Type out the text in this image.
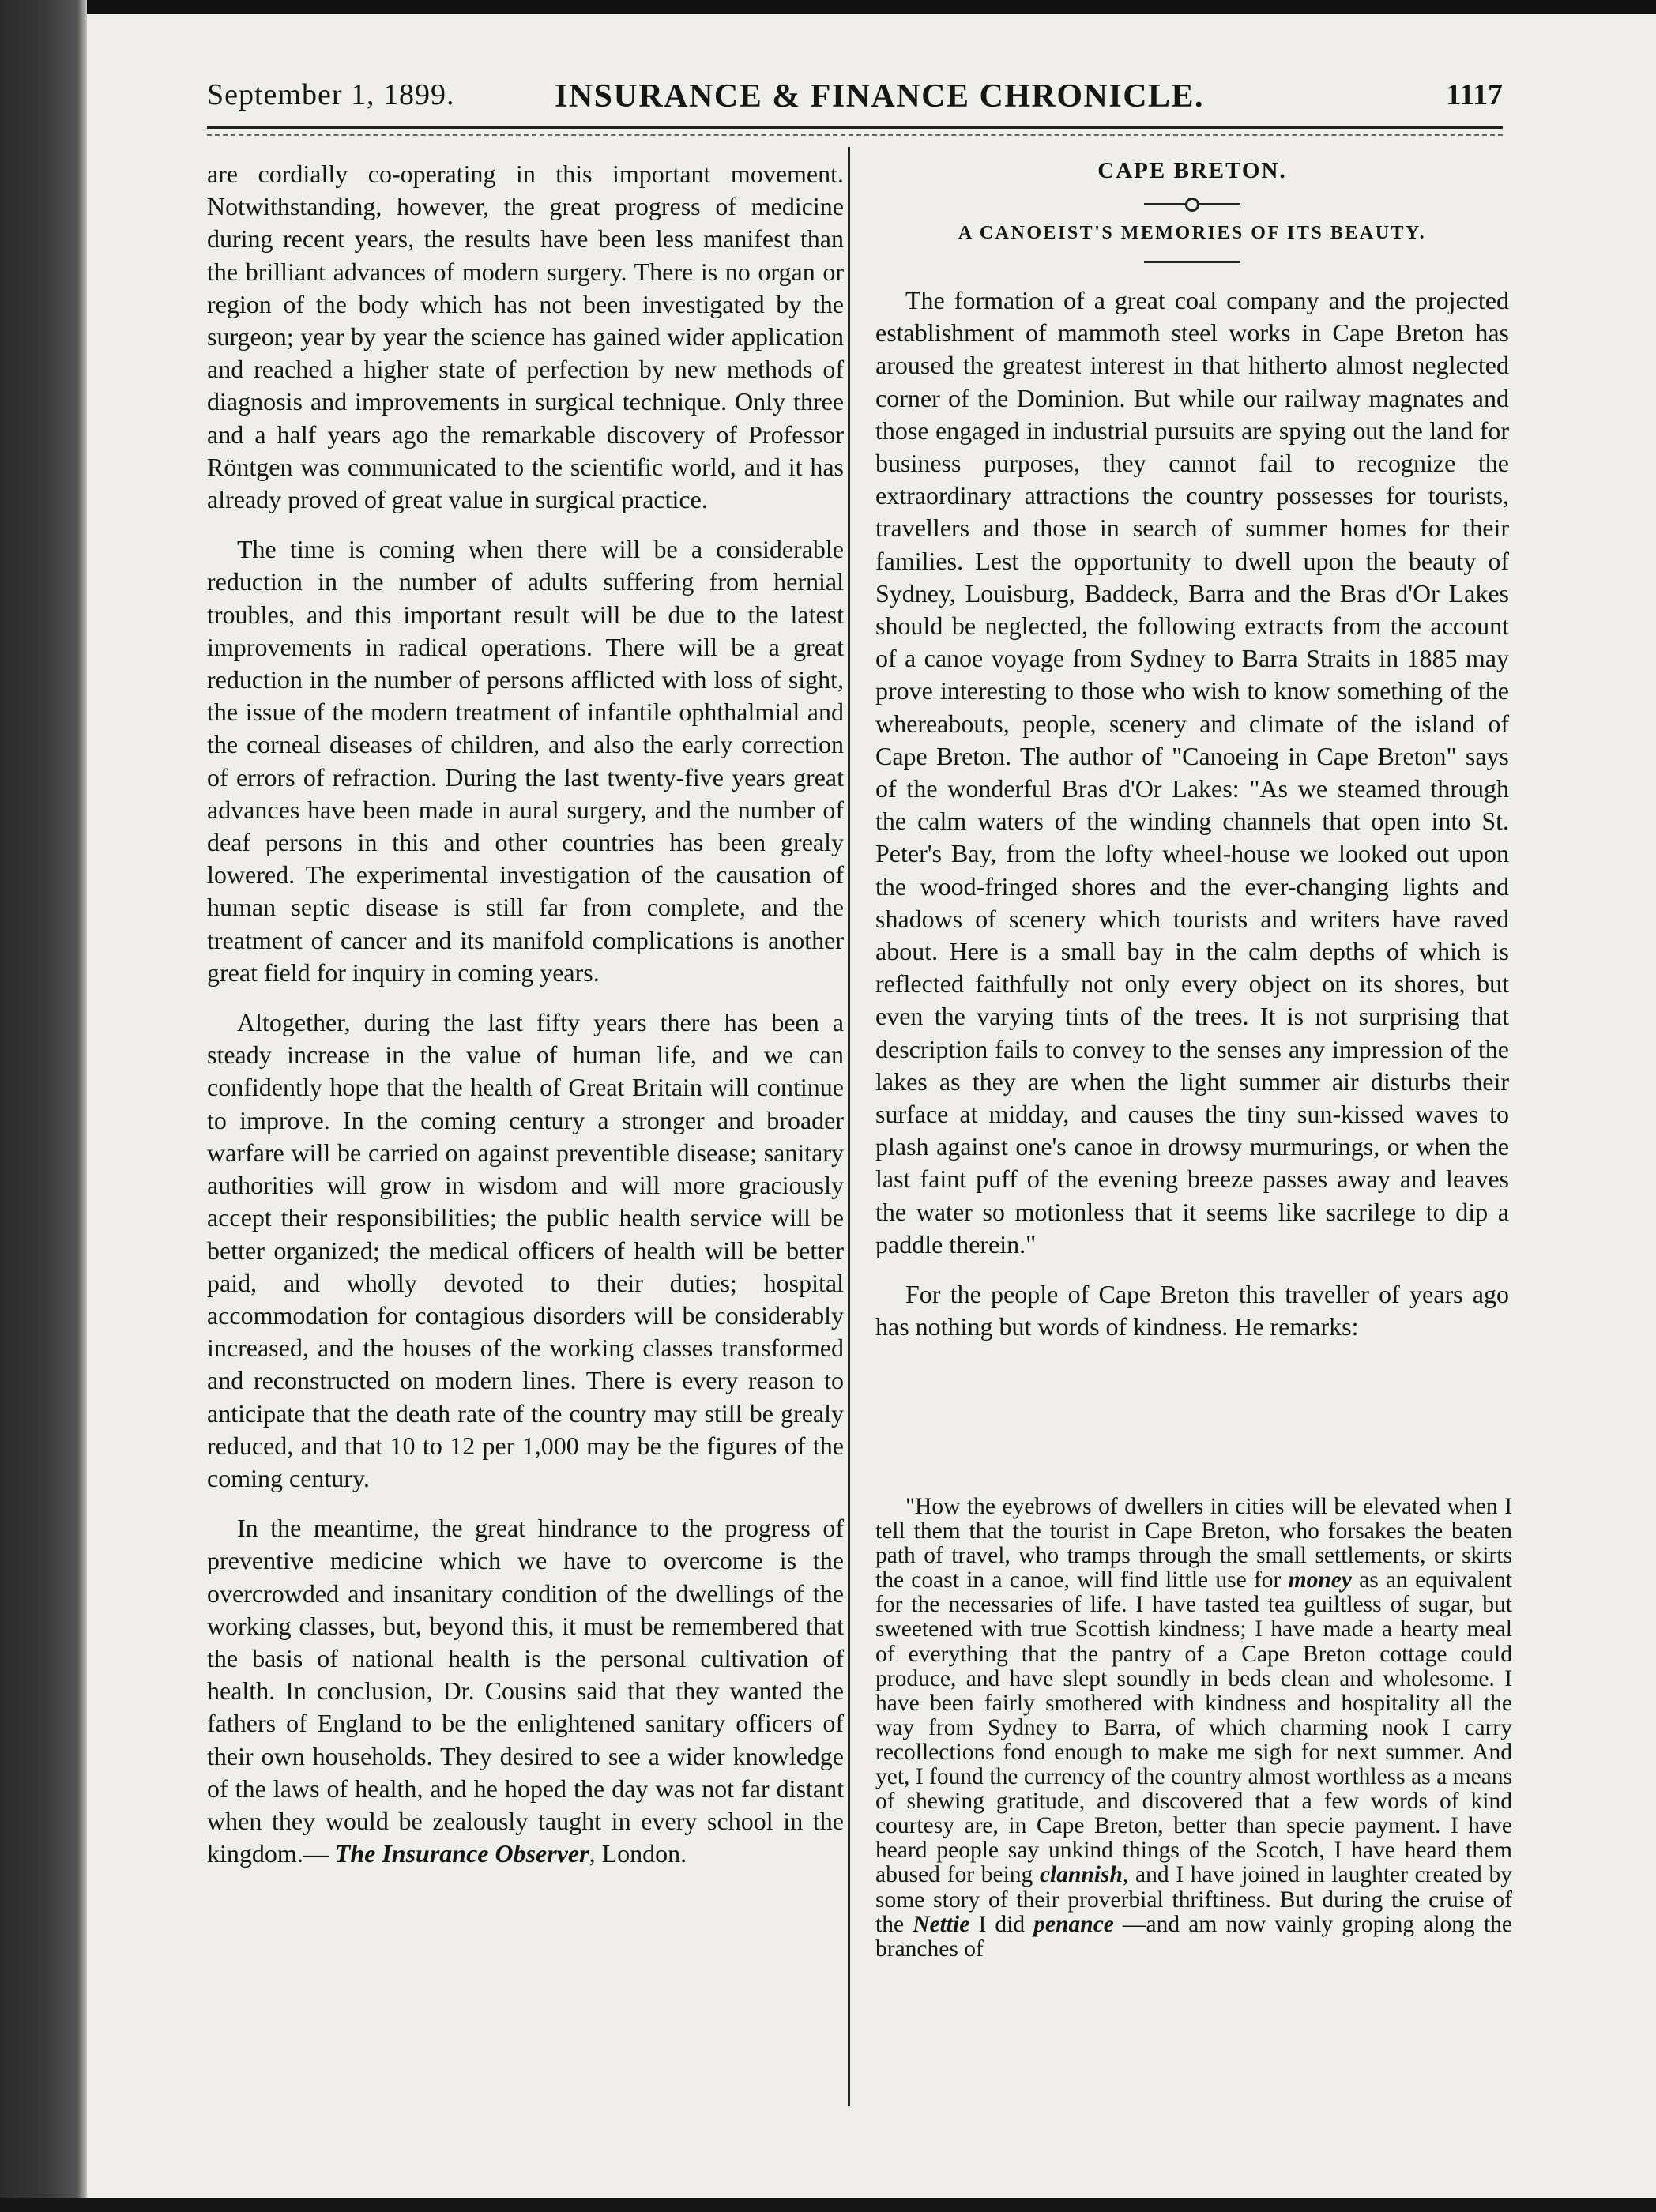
September 1, 1899.	INSURANCE & FINANCE CHRONICLE.	1117

are cordially co-operating in this important movement. Notwithstanding, however, the great progress of medicine during recent years, the results have been less manifest than the brilliant advances of modern surgery. There is no organ or region of the body which has not been investigated by the surgeon; year by year the science has gained wider application and reached a higher state of perfection by new methods of diagnosis and improvements in surgical technique. Only three and a half years ago the remarkable discovery of Professor Röntgen was communicated to the scientific world, and it has already proved of great value in surgical practice.

The time is coming when there will be a considerable reduction in the number of adults suffering from hernial troubles, and this important result will be due to the latest improvements in radical operations. There will be a great reduction in the number of persons afflicted with loss of sight, the issue of the modern treatment of infantile ophthalmial and the corneal diseases of children, and also the early correction of errors of refraction. During the last twenty-five years great advances have been made in aural surgery, and the number of deaf persons in this and other countries has been grealy lowered. The experimental investigation of the causation of human septic disease is still far from complete, and the treatment of cancer and its manifold complications is another great field for inquiry in coming years.

Altogether, during the last fifty years there has been a steady increase in the value of human life, and we can confidently hope that the health of Great Britain will continue to improve. In the coming century a stronger and broader warfare will be carried on against preventible disease; sanitary authorities will grow in wisdom and will more graciously accept their responsibilities; the public health service will be better organized; the medical officers of health will be better paid, and wholly devoted to their duties; hospital accommodation for contagious disorders will be considerably increased, and the houses of the working classes transformed and reconstructed on modern lines. There is every reason to anticipate that the death rate of the country may still be grealy reduced, and that 10 to 12 per 1,000 may be the figures of the coming century.

In the meantime, the great hindrance to the progress of preventive medicine which we have to overcome is the overcrowded and insanitary condition of the dwellings of the working classes, but, beyond this, it must be remembered that the basis of national health is the personal cultivation of health. In conclusion, Dr. Cousins said that they wanted the fathers of England to be the enlightened sanitary officers of their own households. They desired to see a wider knowledge of the laws of health, and he hoped the day was not far distant when they would be zealously taught in every school in the kingdom.— The Insurance Observer, London.

CAPE BRETON.
A CANOEIST'S MEMORIES OF ITS BEAUTY.

The formation of a great coal company and the projected establishment of mammoth steel works in Cape Breton has aroused the greatest interest in that hitherto almost neglected corner of the Dominion. But while our railway magnates and those engaged in industrial pursuits are spying out the land for business purposes, they cannot fail to recognize the extraordinary attractions the country possesses for tourists, travellers and those in search of summer homes for their families. Lest the opportunity to dwell upon the beauty of Sydney, Louisburg, Baddeck, Barra and the Bras d'Or Lakes should be neglected, the following extracts from the account of a canoe voyage from Sydney to Barra Straits in 1885 may prove interesting to those who wish to know something of the whereabouts, people, scenery and climate of the island of Cape Breton. The author of "Canoeing in Cape Breton" says of the wonderful Bras d'Or Lakes: "As we steamed through the calm waters of the winding channels that open into St. Peter's Bay, from the lofty wheel-house we looked out upon the wood-fringed shores and the ever-changing lights and shadows of scenery which tourists and writers have raved about. Here is a small bay in the calm depths of which is reflected faithfully not only every object on its shores, but even the varying tints of the trees. It is not surprising that description fails to convey to the senses any impression of the lakes as they are when the light summer air disturbs their surface at midday, and causes the tiny sun-kissed waves to plash against one's canoe in drowsy murmurings, or when the last faint puff of the evening breeze passes away and leaves the water so motionless that it seems like sacrilege to dip a paddle therein."

For the people of Cape Breton this traveller of years ago has nothing but words of kindness. He remarks:

"How the eyebrows of dwellers in cities will be elevated when I tell them that the tourist in Cape Breton, who forsakes the beaten path of travel, who tramps through the small settlements, or skirts the coast in a canoe, will find little use for money as an equivalent for the necessaries of life. I have tasted tea guiltless of sugar, but sweetened with true Scottish kindness; I have made a hearty meal of everything that the pantry of a Cape Breton cottage could produce, and have slept soundly in beds clean and wholesome. I have been fairly smothered with kindness and hospitality all the way from Sydney to Barra, of which charming nook I carry recollections fond enough to make me sigh for next summer. And yet, I found the currency of the country almost worthless as a means of shewing gratitude, and discovered that a few words of kind courtesy are, in Cape Breton, better than specie payment. I have heard people say unkind things of the Scotch, I have heard them abused for being clannish, and I have joined in laughter created by some story of their proverbial thriftiness. But during the cruise of the Nettie I did penance —and am now vainly groping along the branches of
